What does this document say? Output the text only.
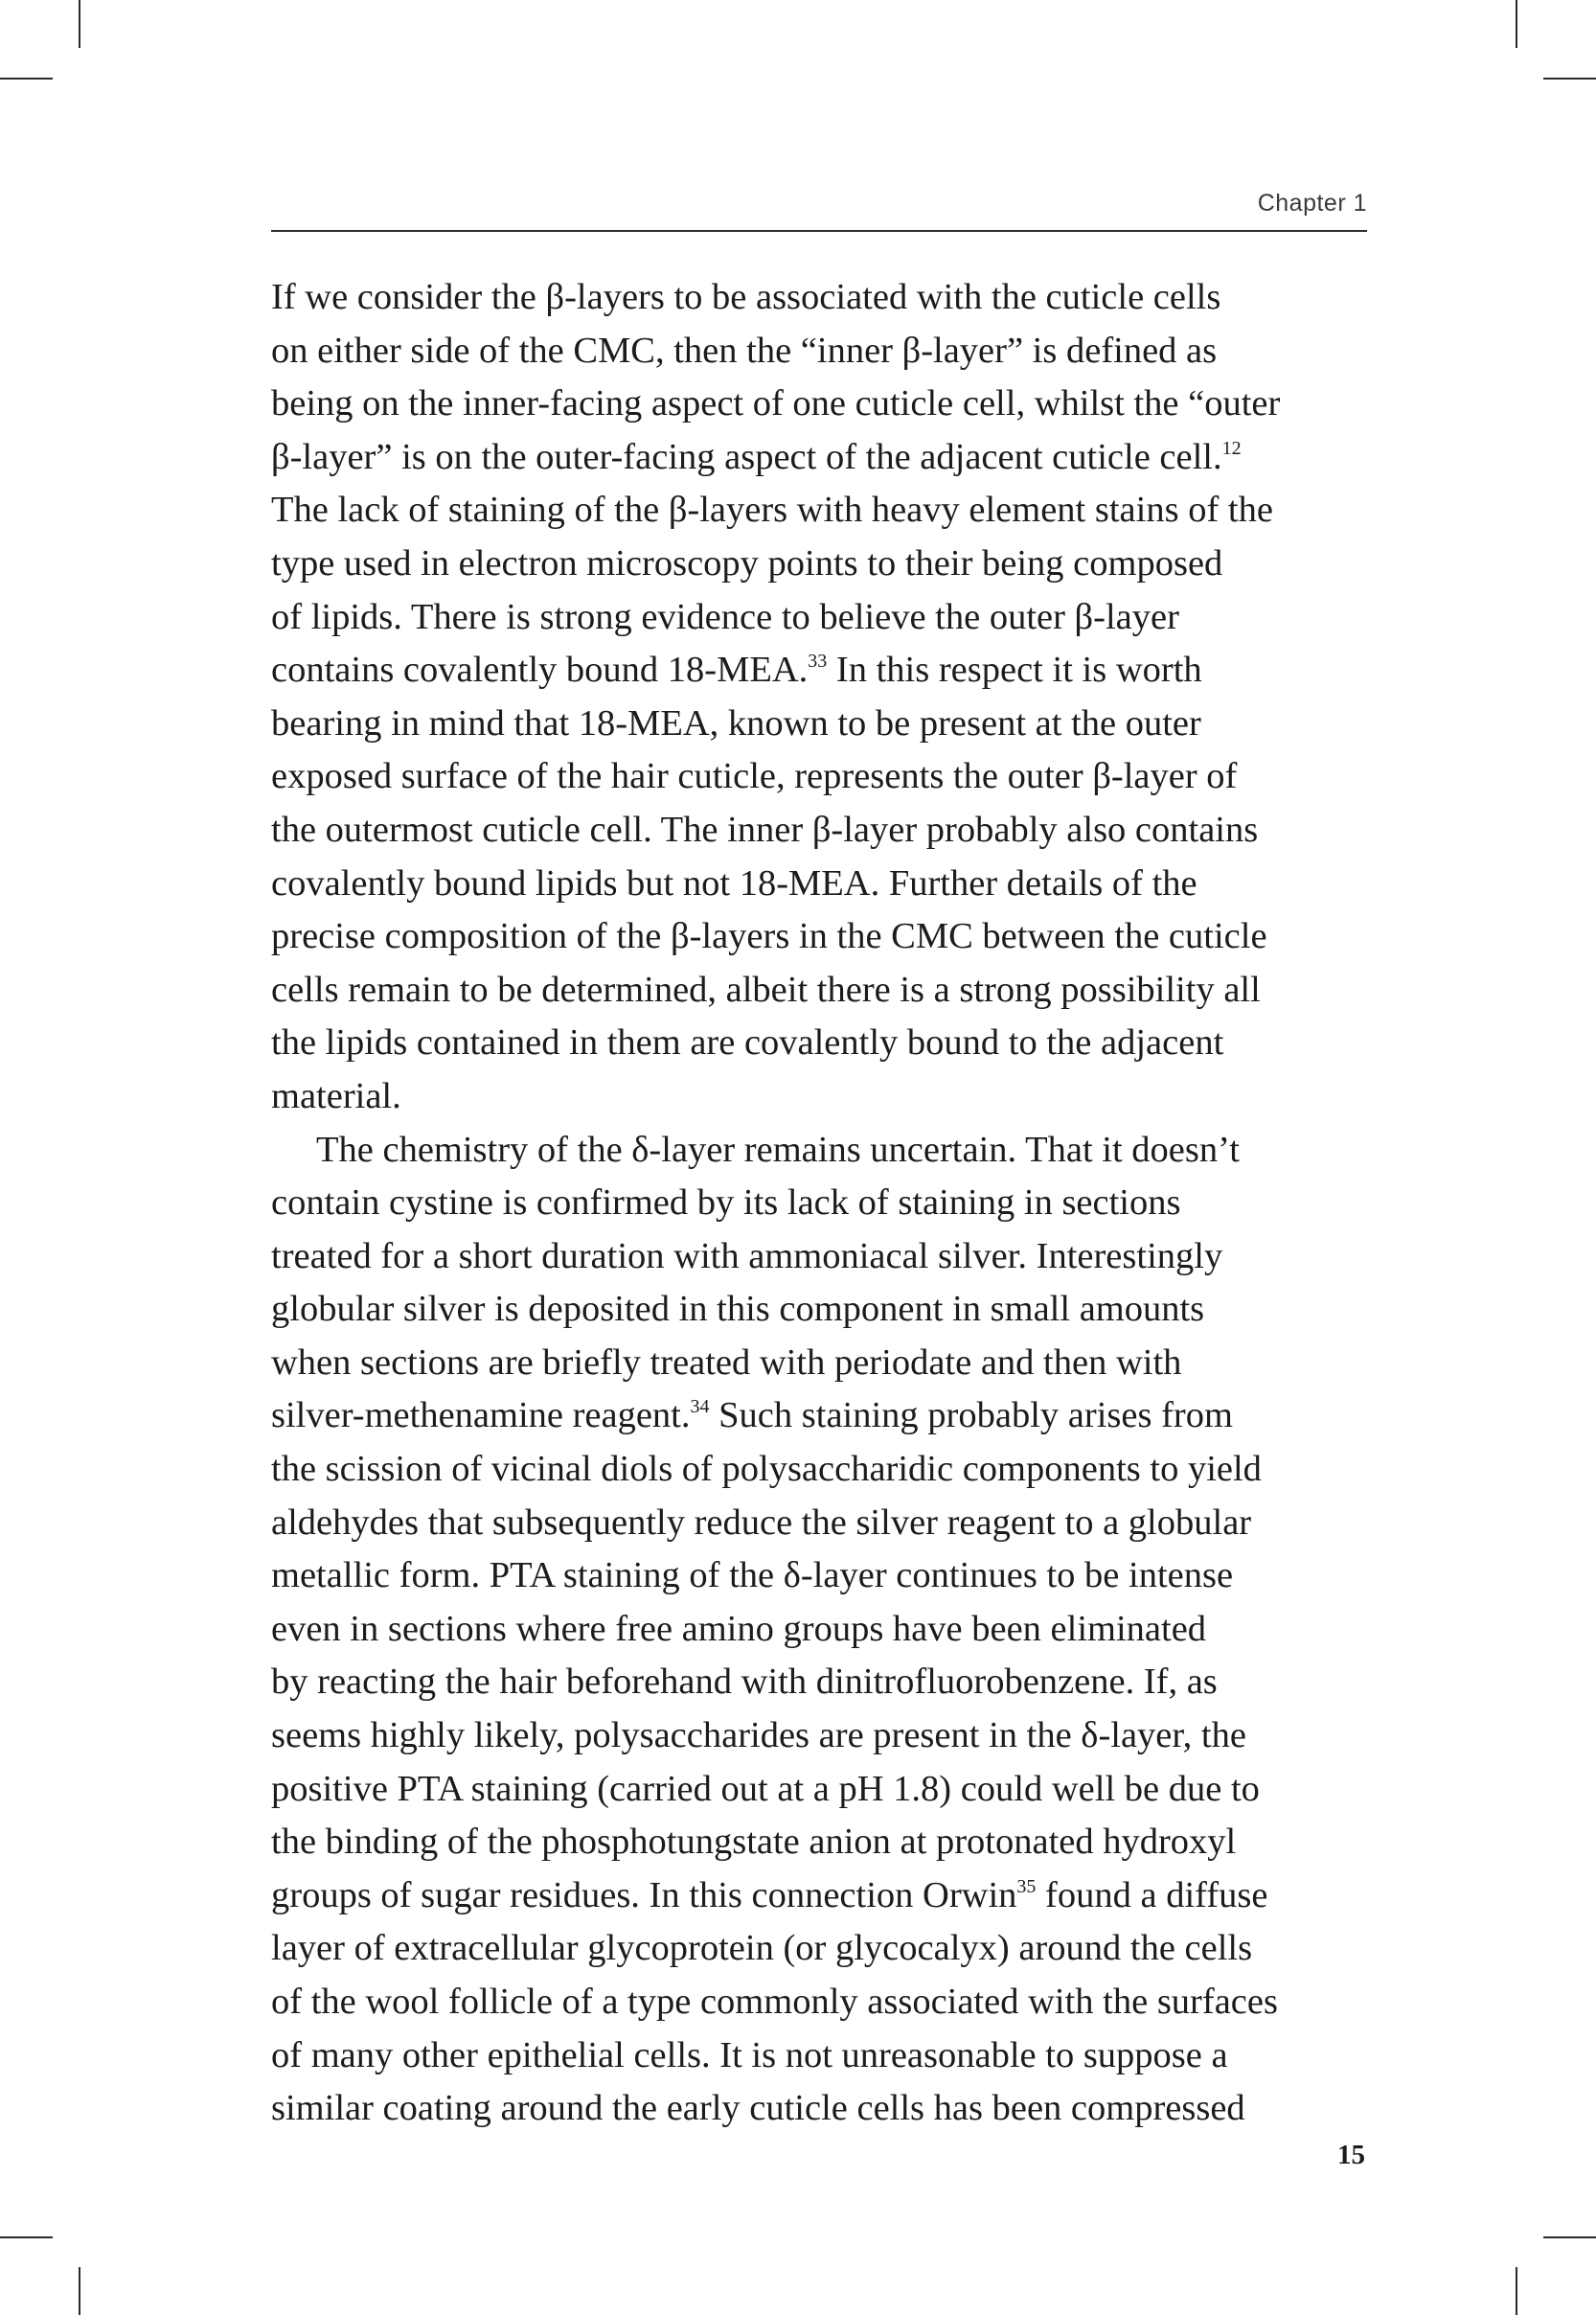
Chapter 1

If we consider the β-layers to be associated with the cuticle cells
on either side of the CMC, then the “inner β-layer” is defined as
being on the inner-facing aspect of one cuticle cell, whilst the “outer
β-layer” is on the outer-facing aspect of the adjacent cuticle cell.$^{12}$
The lack of staining of the β-layers with heavy element stains of the
type used in electron microscopy points to their being composed
of lipids. There is strong evidence to believe the outer β-layer
contains covalently bound 18-MEA.$^{33}$ In this respect it is worth
bearing in mind that 18-MEA, known to be present at the outer
exposed surface of the hair cuticle, represents the outer β-layer of
the outermost cuticle cell. The inner β-layer probably also contains
covalently bound lipids but not 18-MEA. Further details of the
precise composition of the β-layers in the CMC between the cuticle
cells remain to be determined, albeit there is a strong possibility all
the lipids contained in them are covalently bound to the adjacent
material.

The chemistry of the δ-layer remains uncertain. That it doesn’t
contain cystine is confirmed by its lack of staining in sections
treated for a short duration with ammoniacal silver. Interestingly
globular silver is deposited in this component in small amounts
when sections are briefly treated with periodate and then with
silver-methenamine reagent.$^{34}$ Such staining probably arises from
the scission of vicinal diols of polysaccharidic components to yield
aldehydes that subsequently reduce the silver reagent to a globular
metallic form. PTA staining of the δ-layer continues to be intense
even in sections where free amino groups have been eliminated
by reacting the hair beforehand with dinitrofluorobenzene. If, as
seems highly likely, polysaccharides are present in the δ-layer, the
positive PTA staining (carried out at a pH 1.8) could well be due to
the binding of the phosphotungstate anion at protonated hydroxyl
groups of sugar residues. In this connection Orwin$^{35}$ found a diffuse
layer of extracellular glycoprotein (or glycocalyx) around the cells
of the wool follicle of a type commonly associated with the surfaces
of many other epithelial cells. It is not unreasonable to suppose a
similar coating around the early cuticle cells has been compressed

15
